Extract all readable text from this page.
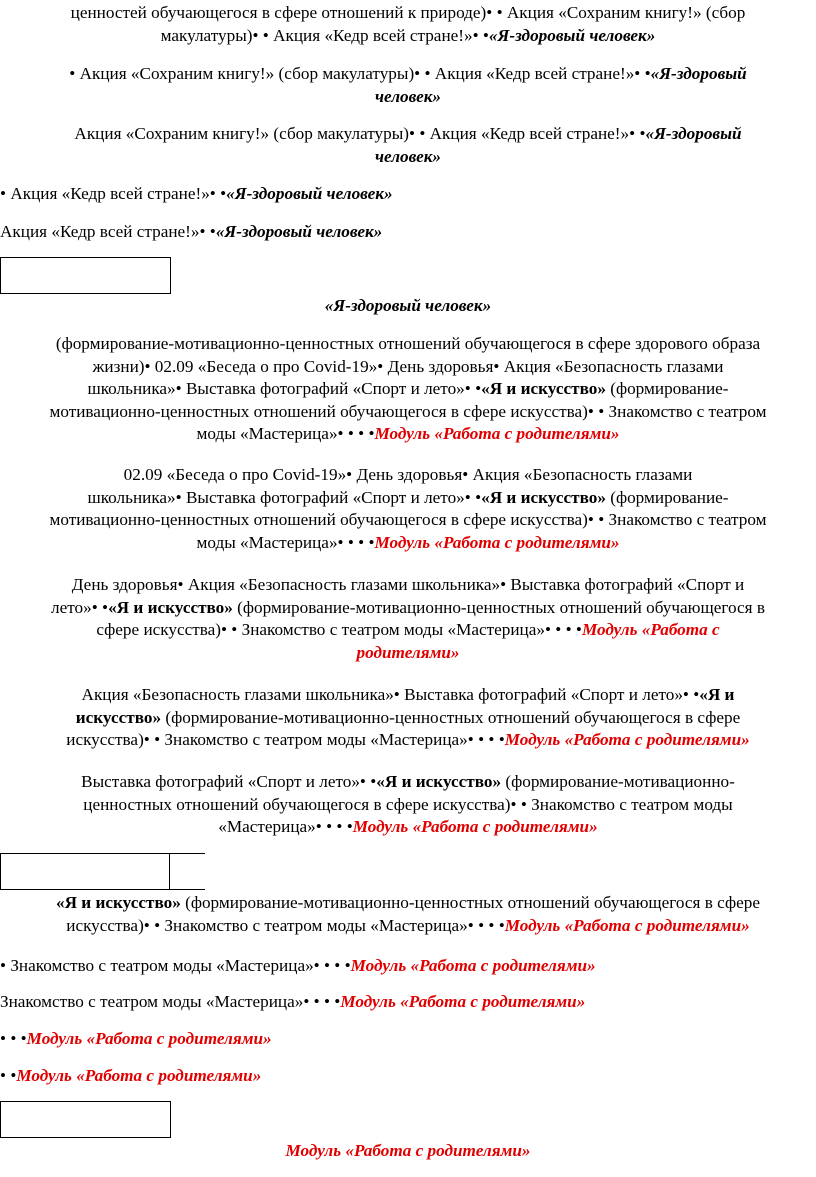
ценностей обучающегося в сфере отношений к природе)• • Акция «Сохраним книгу!» (сбор
макулатуры)• • Акция «Кедр всей стране!»• •«Я-здоровый человек»
• Акция «Сохраним книгу!» (сбор макулатуры)• • Акция «Кедр всей стране!»• •«Я-здоровый
человек»
Акция «Сохраним книгу!» (сбор макулатуры)• • Акция «Кедр всей стране!»• •«Я-здоровый
человек»
• Акция «Кедр всей стране!»• •«Я-здоровый человек»
Акция «Кедр всей стране!»• •«Я-здоровый человек»
«Я-здоровый человек»
(формирование-мотивационно-ценностных отношений обучающегося в сфере здорового образа
жизни)• 02.09 «Беседа о про Covid-19»• День здоровья• Акция «Безопасность глазами
школьника»• Выставка фотографий «Спорт и лето»• •«Я и искусство» (формирование-
мотивационно-ценностных отношений обучающегося в сфере искусства)• • Знакомство с театром
моды «Мастерица»• • • •Модуль «Работа с родителями»
02.09 «Беседа о про Covid-19»• День здоровья• Акция «Безопасность глазами
школьника»• Выставка фотографий «Спорт и лето»• •«Я и искусство» (формирование-
мотивационно-ценностных отношений обучающегося в сфере искусства)• • Знакомство с театром
моды «Мастерица»• • • •Модуль «Работа с родителями»
День здоровья• Акция «Безопасность глазами школьника»• Выставка фотографий «Спорт и
лето»• •«Я и искусство» (формирование-мотивационно-ценностных отношений обучающегося в
сфере искусства)• • Знакомство с театром моды «Мастерица»• • • •Модуль «Работа с
родителями»
Акция «Безопасность глазами школьника»• Выставка фотографий «Спорт и лето»• •«Я и
искусство» (формирование-мотивационно-ценностных отношений обучающегося в сфере
искусства)• • Знакомство с театром моды «Мастерица»• • • •Модуль «Работа с родителями»
Выставка фотографий «Спорт и лето»• •«Я и искусство» (формирование-мотивационно-
ценностных отношений обучающегося в сфере искусства)• • Знакомство с театром моды
«Мастерица»• • • •Модуль «Работа с родителями»
«Я и искусство» (формирование-мотивационно-ценностных отношений обучающегося в сфере
искусства)• • Знакомство с театром моды «Мастерица»• • • •Модуль «Работа с родителями»
• Знакомство с театром моды «Мастерица»• • • •Модуль «Работа с родителями»
Знакомство с театром моды «Мастерица»• • • •Модуль «Работа с родителями»
• • •Модуль «Работа с родителями»
• •Модуль «Работа с родителями»
Модуль «Работа с родителями»
